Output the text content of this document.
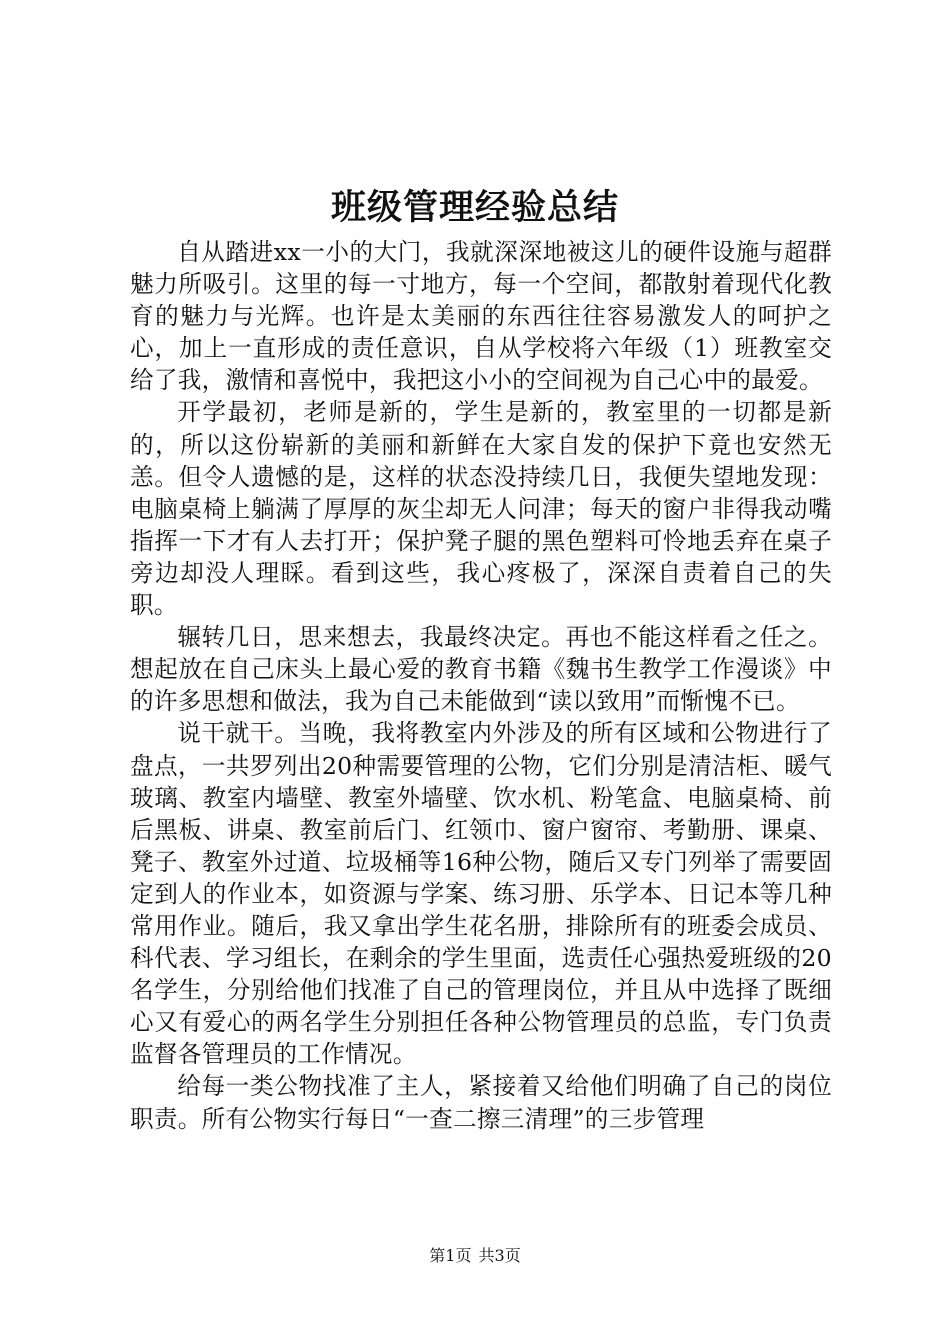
班级管理经验总结

自从踏进xx一小的大门，我就深深地被这儿的硬件设施与超群魅力所吸引。这里的每一寸地方，每一个空间，都散射着现代化教育的魅力与光辉。也许是太美丽的东西往往容易激发人的呵护之心，加上一直形成的责任意识，自从学校将六年级（1）班教室交给了我，激情和喜悦中，我把这小小的空间视为自己心中的最爱。

开学最初，老师是新的，学生是新的，教室里的一切都是新的，所以这份崭新的美丽和新鲜在大家自发的保护下竟也安然无恙。但令人遗憾的是，这样的状态没持续几日，我便失望地发现：电脑桌椅上躺满了厚厚的灰尘却无人问津；每天的窗户非得我动嘴指挥一下才有人去打开；保护凳子腿的黑色塑料可怜地丢弃在桌子旁边却没人理睬。看到这些，我心疼极了，深深自责着自己的失职。

辗转几日，思来想去，我最终决定。再也不能这样看之任之。想起放在自己床头上最心爱的教育书籍《魏书生教学工作漫谈》中的许多思想和做法，我为自己未能做到“读以致用”而惭愧不已。

说干就干。当晚，我将教室内外涉及的所有区域和公物进行了盘点，一共罗列出20种需要管理的公物，它们分别是清洁柜、暖气玻璃、教室内墙壁、教室外墙壁、饮水机、粉笔盒、电脑桌椅、前后黑板、讲桌、教室前后门、红领巾、窗户窗帘、考勤册、课桌、凳子、教室外过道、垃圾桶等16种公物，随后又专门列举了需要固定到人的作业本，如资源与学案、练习册、乐学本、日记本等几种常用作业。随后，我又拿出学生花名册，排除所有的班委会成员、科代表、学习组长，在剩余的学生里面，选责任心强热爱班级的20名学生，分别给他们找准了自己的管理岗位，并且从中选择了既细心又有爱心的两名学生分别担任各种公物管理员的总监，专门负责监督各管理员的工作情况。

给每一类公物找准了主人，紧接着又给他们明确了自己的岗位职责。所有公物实行每日“一查二擦三清理”的三步管理

第1页 共3页
